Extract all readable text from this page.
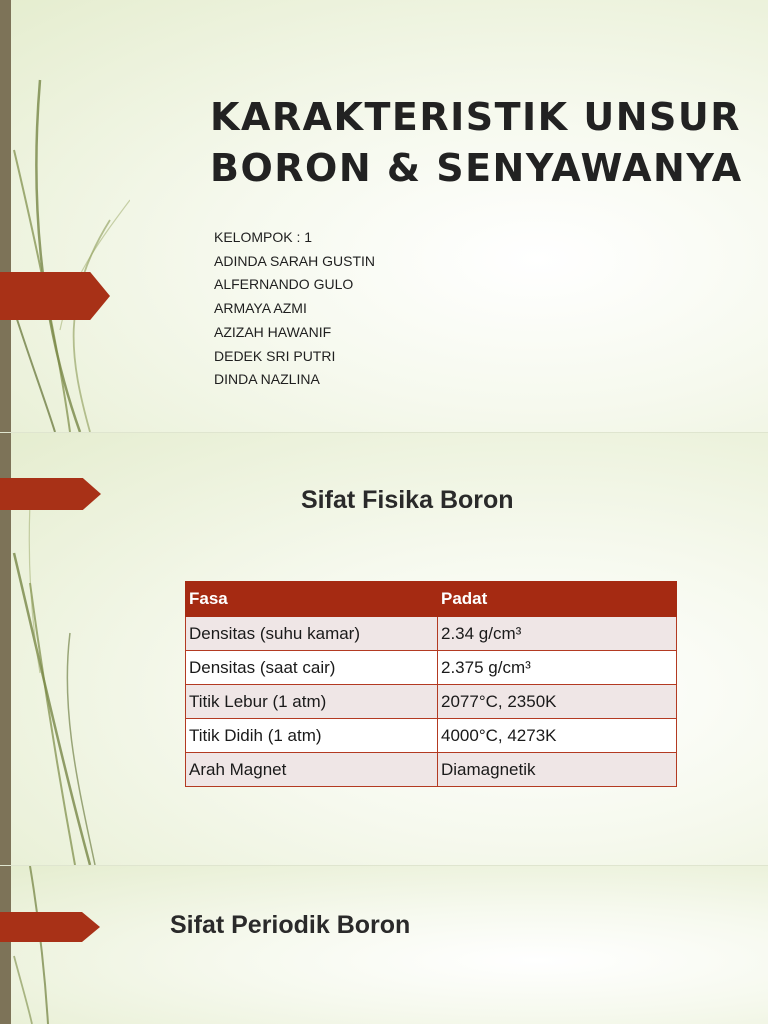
KARAKTERISTIK UNSUR
BORON & SENYAWANYA
KELOMPOK : 1
ADINDA SARAH GUSTIN
ALFERNANDO GULO
ARMAYA AZMI
AZIZAH HAWANIF
DEDEK SRI PUTRI
DINDA NAZLINA
Sifat Fisika Boron
Fasa	Padat
Densitas (suhu kamar)	2.34 g/cm³
Densitas (saat cair)	2.375 g/cm³
Titik Lebur (1 atm)	2077°C, 2350K
Titik Didih (1 atm)	4000°C, 4273K
Arah Magnet	Diamagnetik
Sifat Periodik Boron
